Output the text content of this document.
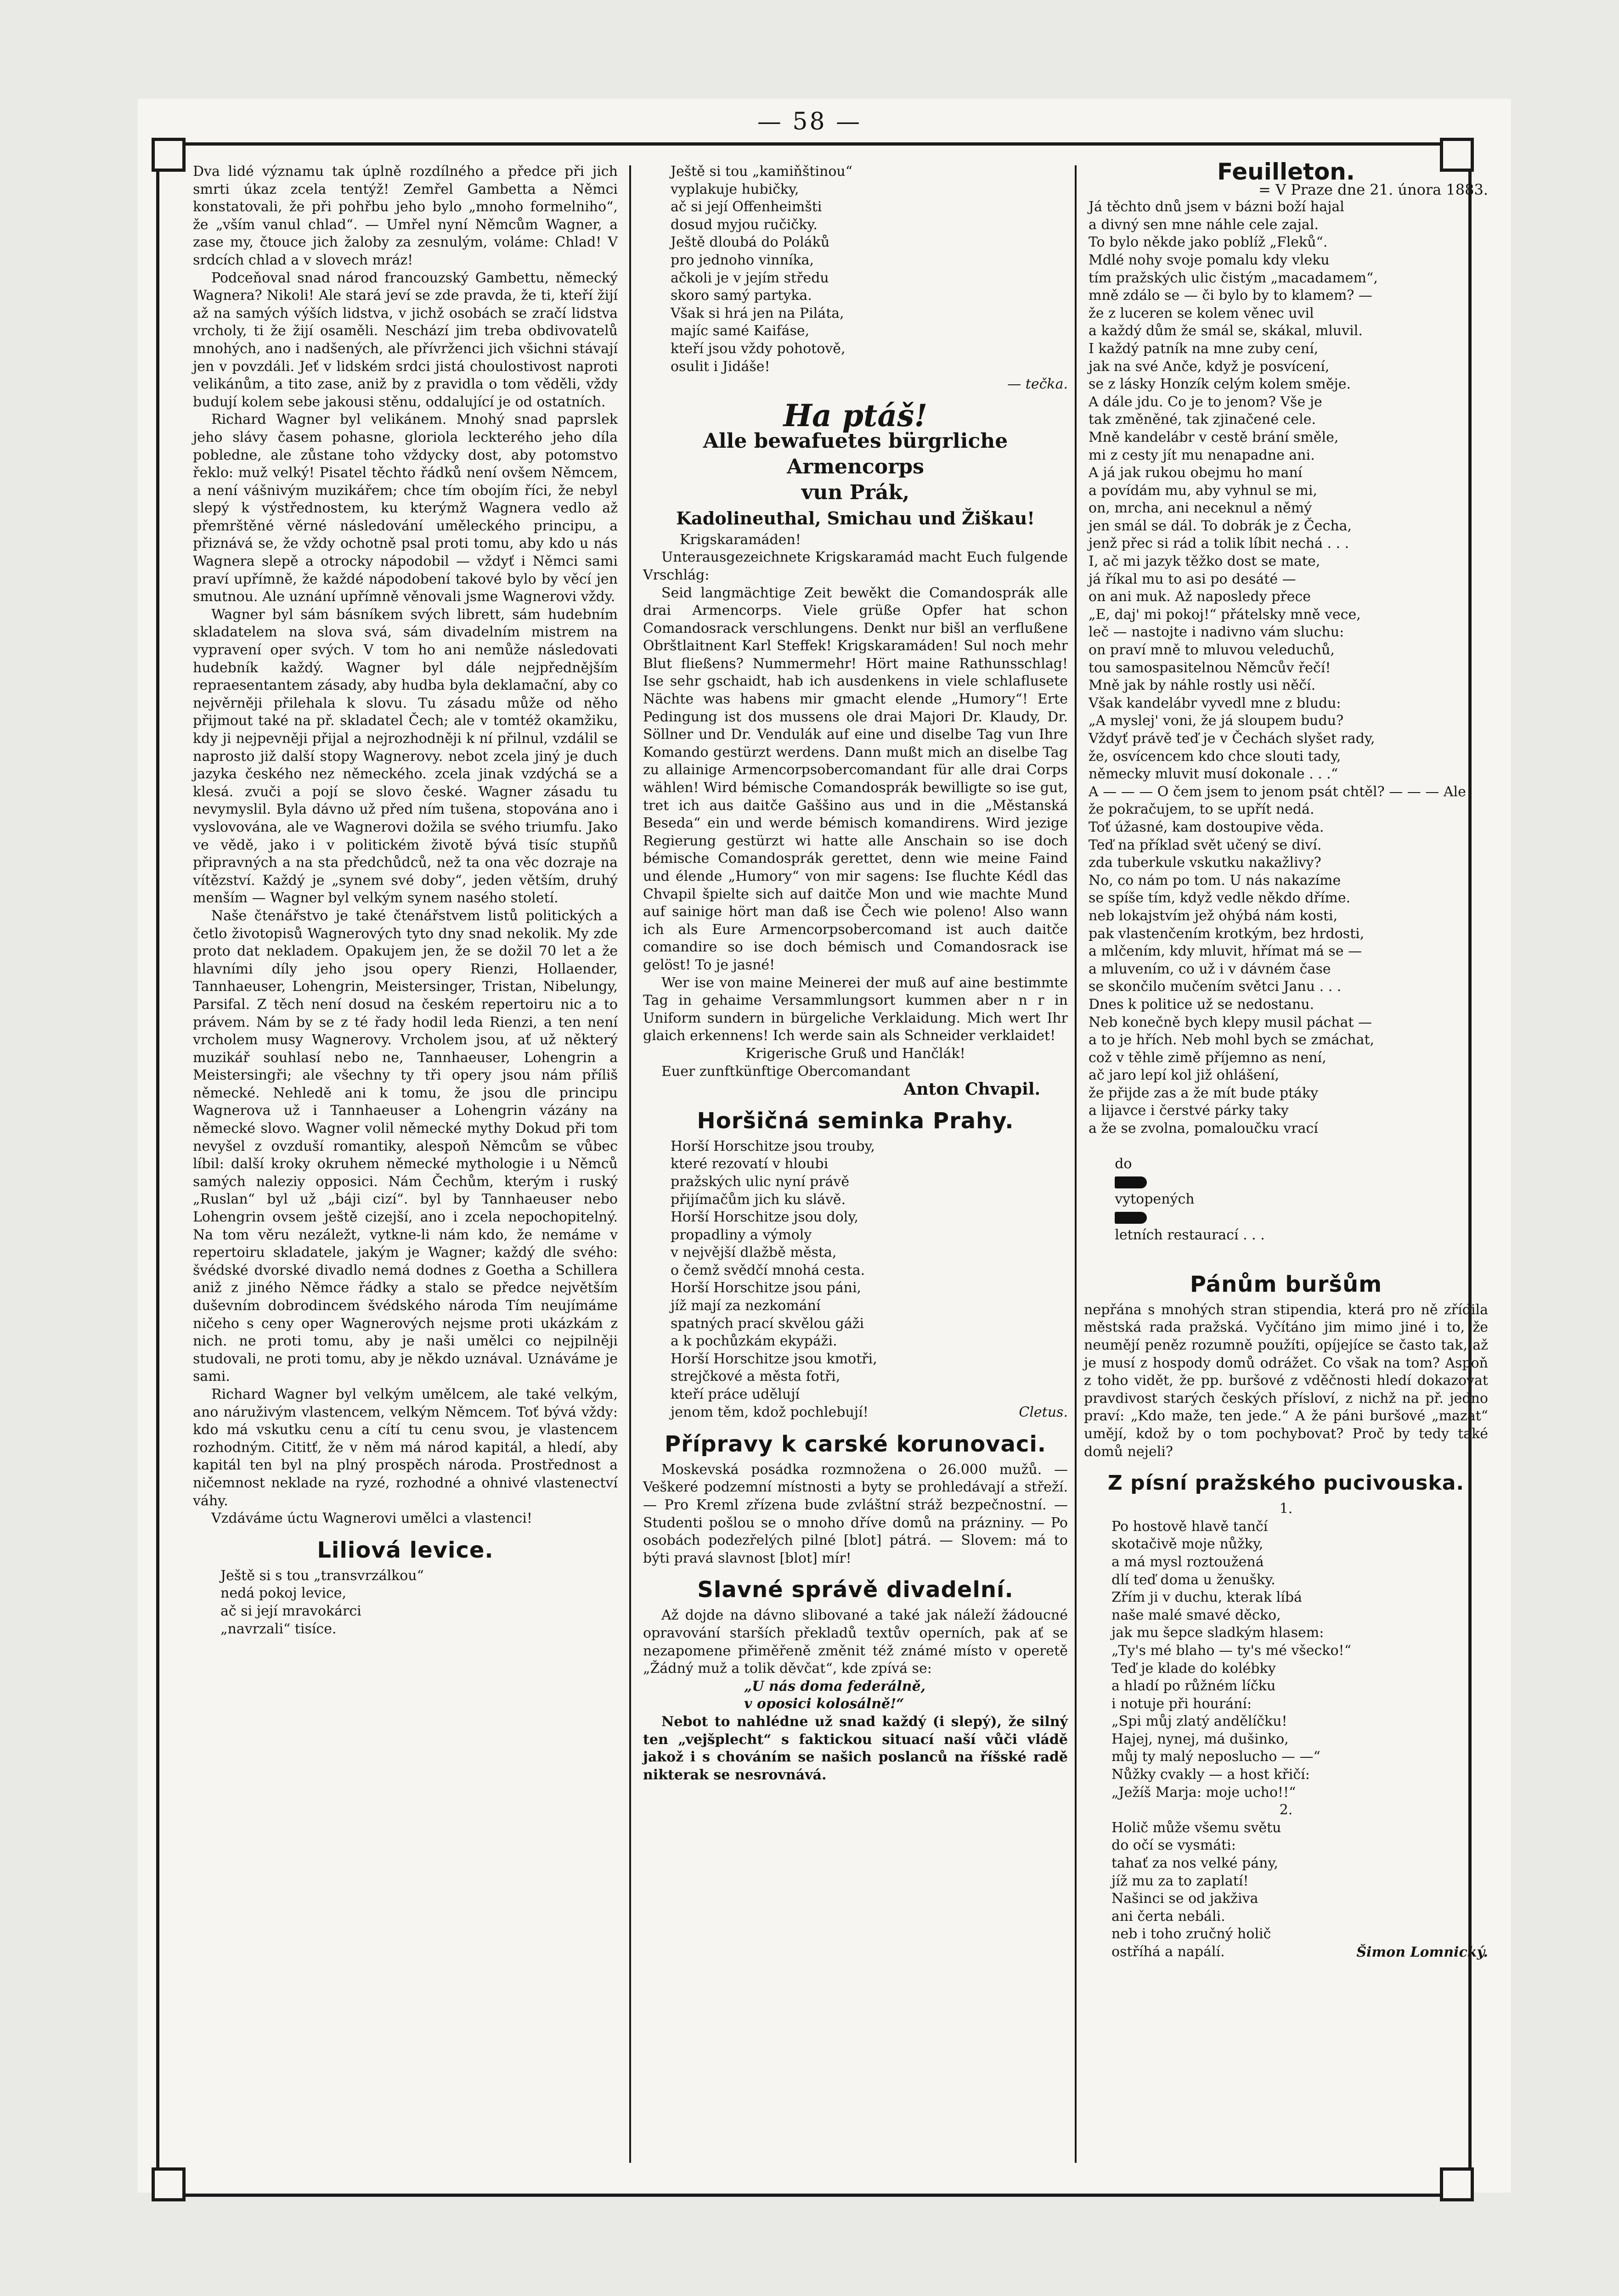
— 58 —

Dva lidé významu tak úplně rozdílného a předce při jich smrti úkaz zcela tentýž! Zemřel Gambetta a Němci konstatovali, že při pohřbu jeho bylo „mnoho formelniho“, že „vším vanul chlad“. — Umřel nyní Němcům Wagner, a zase my, čtouce jich žaloby za zesnulým, voláme: Chlad! V srdcích chlad a v slovech mráz!

Podceňoval snad národ francouzský Gambettu, německý Wagnera? Nikoli! Ale stará jeví se zde pravda, že ti, kteří žijí až na samých výších lidstva, v jichž osobách se zračí lidstva vrcholy, ti že žijí osaměli. Neschází jim treba obdivovatelů mnohých, ano i nadšených, ale přívrženci jich všichni stávají jen v povzdáli. Jeť v lidském srdci jistá choulostivost naproti velikánům, a tito zase, aniž by z pravidla o tom věděli, vždy budují kolem sebe jakousi stěnu, oddalující je od ostatních.

Richard Wagner byl velikánem. Mnohý snad paprslek jeho slávy časem pohasne, gloriola leckterého jeho díla pobledne, ale zůstane toho vždycky dost, aby potomstvo řeklo: muž velký! Pisatel těchto řádků není ovšem Němcem, a není vášnivým muzikářem; chce tím obojím říci, že nebyl slepý k výstřednostem, ku kterýmž Wagnera vedlo až přemrštěné věrné následování uměleckého principu, a přiznává se, že vždy ochotně psal proti tomu, aby kdo u nás Wagnera slepě a otrocky nápodobil — vždyť i Němci sami praví upřímně, že každé nápodobení takové bylo by věcí jen smutnou. Ale uznání upřímně věnovali jsme Wagnerovi vždy.

Wagner byl sám básníkem svých librett, sám hudebním skladatelem na slova svá, sám divadelním mistrem na vypravení oper svých. V tom ho ani nemůže následovati hudebník každý. Wagner byl dále nejpřednějším repraesentantem zásady, aby hudba byla deklamační, aby co nejvěrněji přilehala k slovu. Tu zásadu může od něho přijmout také na př. skladatel Čech; ale v tomtéž okamžiku, kdy ji nejpevněji přijal a nejrozhodněji k ní přilnul, vzdálil se naprosto již další stopy Wagnerovy. nebot zcela jiný je duch jazyka českého nez německého. zcela jinak vzdýchá se a klesá. zvuči a pojí se slovo české. Wagner zásadu tu nevymyslil. Byla dávno už před ním tušena, stopována ano i vyslovována, ale ve Wagnerovi dožila se svého triumfu. Jako ve vědě, jako i v politickém životě bývá tisíc stupňů připravných a na sta předchůdců, než ta ona věc dozraje na vítězství. Každý je „synem své doby“, jeden větším, druhý menším — Wagner byl velkým synem nasého století.

Naše čtenářstvo je také čtenářstvem listů politických a četlo životopisů Wagnerových tyto dny snad nekolik. My zde proto dat nekladem. Opakujem jen, že se dožil 70 let a že hlavními díly jeho jsou opery Rienzi, Hollaender, Tannhaeuser, Lohengrin, Meistersinger, Tristan, Nibelungy, Parsifal. Z těch není dosud na českém repertoiru nic a to právem. Nám by se z té řady hodil leda Rienzi, a ten není vrcholem musy Wagnerovy. Vrcholem jsou, ať už některý muzikář souhlasí nebo ne, Tannhaeuser, Lohengrin a Meistersingři; ale všechny ty tři opery jsou nám příliš německé. Nehledě ani k tomu, že jsou dle principu Wagnerova už i Tannhaeuser a Lohengrin vázány na německé slovo. Wagner volil německé mythy Dokud při tom nevyšel z ovzduší romantiky, alespoň Němcům se vůbec líbil: další kroky okruhem německé mythologie i u Němců samých naleziy opposici. Nám Čechům, kterým i ruský „Ruslan“ byl už „báji cizí“. byl by Tannhaeuser nebo Lohengrin ovsem ještě cizejší, ano i zcela nepochopitelný. Na tom věru nezáležt, vytkne-li nám kdo, že nemáme v repertoiru skladatele, jakým je Wagner; každý dle svého: švédské dvorské divadlo nemá dodnes z Goetha a Schillera aniž z jiného Němce řádky a stalo se předce největším duševním dobrodincem švédského národa Tím neujímáme ničeho s ceny oper Wagnerových nejsme proti ukázkám z nich. ne proti tomu, aby je naši umělci co nejpilněji studovali, ne proti tomu, aby je někdo uznával. Uznáváme je sami.

Richard Wagner byl velkým umělcem, ale také velkým, ano náruživým vlastencem, velkým Němcem. Toť bývá vždy: kdo má vskutku cenu a cítí tu cenu svou, je vlastencem rozhodným. Cititť, že v něm má národ kapitál, a hledí, aby kapitál ten byl na plný prospěch národa. Prostřednost a ničemnost neklade na ryzé, rozhodné a ohnivé vlastenectví váhy.

Vzdáváme úctu Wagnerovi umělci a vlastenci!

Liliová levice.
Ještě si s tou „transvrzálkou“
nedá pokoj levice,
ač si její mravokárci
„navrzali“ tisíce.
Ještě si tou „kamiňštinou“
vyplakuje hubičky,
ač si její Offenheimšti
dosud myjou ručičky.
Ještě dloubá do Poláků
pro jednoho vinníka,
ačkoli je v jejím středu
skoro samý partyka.
Však si hrá jen na Piláta,
majíc samé Kaifáse,
kteří jsou vždy pohotově,
osulit i Jidáše!
— tečka.
Ha ptáš!
Alle bewafuetes bürgrliche Armencorps
vun Prák,
Kadolineuthal, Smichau und Žiškau!
Krigskaramáden!

Unterausgezeichnete Krigskaramád macht Euch fulgende Vrschlág:

Seid langmächtige Zeit bewěkt die Comandosprák alle drai Armencorps. Viele grüße Opfer hat schon Comandosrack verschlungens. Denkt nur bišl an verflußene Obrštlaitnent Karl Steffek! Krigskaramáden! Sul noch mehr Blut fließens? Nummermehr! Hört maine Rathunsschlag! Ise sehr gschaidt, hab ich ausdenkens in viele schlaflusete Nächte was habens mir gmacht elende „Humory“! Erte Pedingung ist dos mussens ole drai Majori Dr. Klaudy, Dr. Söllner und Dr. Vendulák auf eine und diselbe Tag vun Ihre Komando gestürzt werdens. Dann mußt mich an diselbe Tag zu allainige Armencorpsobercomandant für alle drai Corps wählen! Wird bémische Comandosprák bewilligte so ise gut, tret ich aus daitče Gaššino aus und in die „Městanská Beseda“ ein und werde bémisch komandirens. Wird jezige Regierung gestürzt wi hatte alle Anschain so ise doch bémische Comandosprák gerettet, denn wie meine Faind und élende „Humory“ von mir sagens: Ise fluchte Kédl das Chvapil špielte sich auf daitče Mon und wie machte Mund auf sainige hört man daß ise Čech wie poleno! Also wann ich als Eure Armencorpsobercomand ist auch daitče comandire so ise doch bémisch und Comandosrack ise gelöst! To je jasné!

Wer ise von maine Meinerei der muß auf aine bestimmte Tag in gehaime Versammlungsort kummen aber n r in Uniform sundern in bürgeliche Verklaidung. Mich wert Ihr glaich erkennens! Ich werde sain als Schneider verklaidet!

Krigerische Gruß und Hančlák!

Euer zunftkünftige Obercomandant

Anton Chvapil.
Horšičná seminka Prahy.
Horší Horschitze jsou trouby,
které rezovatí v hloubi
pražských ulic nyní právě
přijímačům jich ku slávě.
Horší Horschitze jsou doly,
propadliny a výmoly
v nejvější dlažbě města,
o čemž svědčí mnohá cesta.
Horší Horschitze jsou páni,
jíž mají za nezkomání
spatných prací skvělou gáži
a k pochůzkám ekypáži.
Horší Horschitze jsou kmotři,
strejčkové a města fotři,
kteří práce udělují
jenom těm, kdož pochlebují!	Cletus.
Přípravy k carské korunovaci.

Moskevská posádka rozmnožena o 26.000 mužů. — Veškeré podzemní místnosti a byty se prohledávají a střeží. — Pro Kreml zřízena bude zvláštní stráž bezpečnostní. — Studenti pošlou se o mnoho dříve domů na prázniny. — Po osobách podezřelých pilné [blot] pátrá. — Slovem: má to býti pravá slavnost [blot] mír!

Slavné správě divadelní.

Až dojde na dávno slibované a také jak náleží žádoucné opravování starších překladů textův operních, pak ať se nezapomene přiměřeně změnit též známé místo v operetě „Žádný muž a tolik děvčat“, kde zpívá se:

„U nás doma federálně,
v oposici kolosálně!“

Nebot to nahlédne už snad každý (i slepý), že silný ten „vejšplecht“ s faktickou situací naší vůči vládě jakož i s chováním se našich poslanců na říšské radě nikterak se nesrovnává.

Feuilleton.
= V Praze dne 21. února 1883.
Já těchto dnů jsem v bázni boží hajal
a divný sen mne náhle cele zajal.
To bylo někde jako poblíž „Fleků“.
Mdlé nohy svoje pomalu kdy vleku
tím pražských ulic čistým „macadamem“,
mně zdálo se — či bylo by to klamem? —
že z luceren se kolem věnec uvil
a každý dům že smál se, skákal, mluvil.
I každý patník na mne zuby cení,
jak na své Anče, když je posvícení,
se z lásky Honzík celým kolem směje.
A dále jdu. Co je to jenom? Vše je
tak změněné, tak zjinačené cele.
Mně kandelábr v cestě brání směle,
mi z cesty jít mu nenapadne ani.
A já jak rukou obejmu ho maní
a povídám mu, aby vyhnul se mi,
on, mrcha, ani neceknul a němý
jen smál se dál. To dobrák je z Čecha,
jenž přec si rád a tolik líbit nechá . . .
I, ač mi jazyk těžko dost se mate,
já říkal mu to asi po desáté —
on ani muk. Až naposledy přece
„E, daj' mi pokoj!“ přátelsky mně vece,
leč — nastojte i nadivno vám sluchu:
on praví mně to mluvou veleduchů,
tou samospasitelnou Němcův řečí!
Mně jak by náhle rostly usi něčí.
Však kandelábr vyvedl mne z bludu:
„A myslej' voni, že já sloupem budu?
Vždyť právě teď je v Čechách slyšet rady,
že, osvícencem kdo chce slouti tady,
německy mluvit musí dokonale . . .“
A — — — O čem jsem to jenom psát chtěl? — — — Ale
že pokračujem, to se upřít nedá.
Toť úžasné, kam dostoupive věda.
Teď na příklad svět učený se diví.
zda tuberkule vskutku nakažlivy?
No, co nám po tom. U nás nakazíme
se spíše tím, když vedle někdo dříme.
neb lokajstvím jež ohýbá nám kosti,
pak vlastenčením krotkým, bez hrdosti,
a mlčením, kdy mluvit, hřímat má se —
a mluvením, co už i v dávném čase
se skončilo mučením světci Janu . . .
Dnes k politice už se nedostanu.
Neb konečně bych klepy musil páchat —
a to je hřích. Neb mohl bych se zmáchat,
což v těhle zimě příjemno as není,
ač jaro lepí kol již ohlášení,
že přijde zas a že mít bude ptáky
a lijavce i čerstvé párky taky
a že se zvolna, pomaloučku vrací

do

vytopených

letních restaurací . . .

Pánům buršům

nepřána s mnohých stran stipendia, která pro ně zřídila městská rada pražská. Vyčítáno jim mimo jiné i to, že neumějí peněz rozumně použíti, opíjejíce se často tak, až je musí z hospody domů odrážet. Co však na tom? Aspoň z toho vidět, že pp. buršové z vděčnosti hledí dokazovat pravdivost starých českých přísloví, z nichž na př. jedno praví: „Kdo maže, ten jede.“ A že páni buršové „mazat“ umějí, kdož by o tom pochybovat? Proč by tedy také domů nejeli?

Z písní pražského pucivouska.
1.
Po hostově hlavě tančí
skotačivě moje nůžky,
a má mysl roztoužená
dlí teď doma u ženušky.
Zřím ji v duchu, kterak líbá
naše malé smavé děcko,
jak mu šepce sladkým hlasem:
„Ty's mé blaho — ty's mé všecko!“
Teď je klade do kolébky
a hladí po růžném líčku
i notuje při hourání:
„Spi můj zlatý andělíčku!
Hajej, nynej, má dušinko,
můj ty malý neposlucho — —“
Nůžky cvakly — a host křičí:
„Ježíš Marja: moje ucho!!“
2.
Holič může všemu světu
do očí se vysmáti:
tahať za nos velké pány,
jíž mu za to zaplatí!
Našinci se od jakživa
ani čerta nebáli.
neb i toho zručný holič
ostříhá a napálí.	Šimon Lomnický.
